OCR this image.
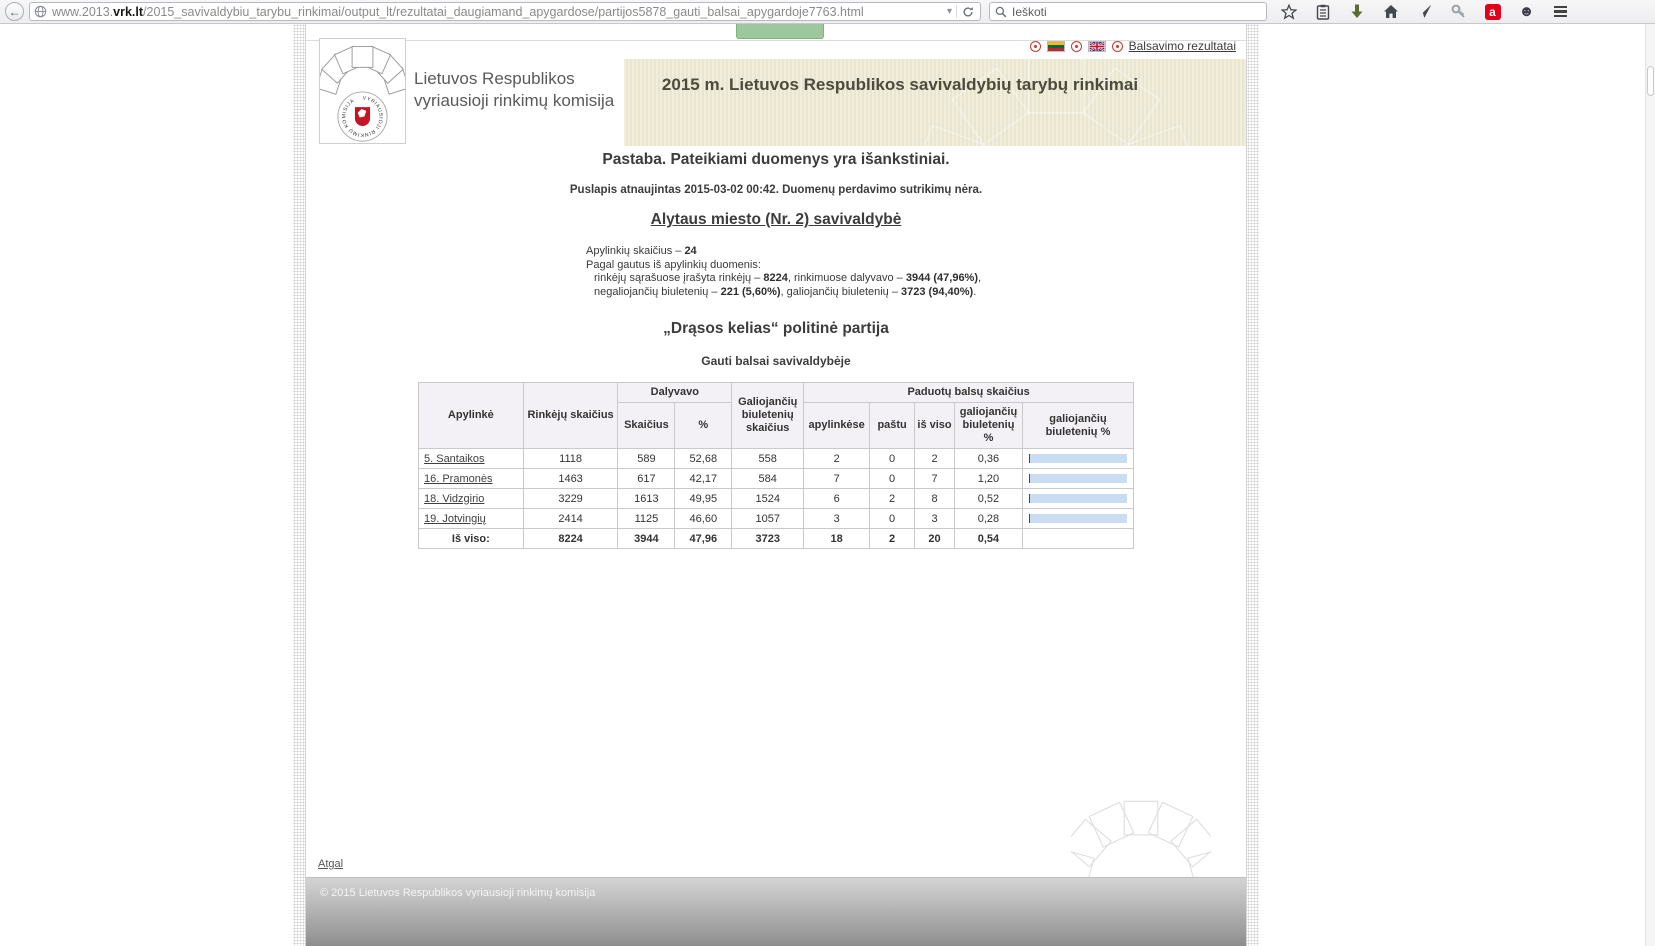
←	www.2013.vrk.lt/2015_savivaldybiu_tarybu_rinkimai/output_lt/rezultatai_daugiamand_apygardose/partijos5878_gauti_balsai_apygardoje7763.html	▾
Ieškoti	a	☻
VYRIAUSIOJI RINKIMŲ KOMISIJA
Lietuvos Respublikos
vyriausioji rinkimų komisija
Balsavimo rezultatai
2015 m. Lietuvos Respublikos savivaldybių tarybų rinkimai
Pastaba. Pateikiami duomenys yra išankstiniai.
Puslapis atnaujintas 2015-03-02 00:42. Duomenų perdavimo sutrikimų nėra.
Alytaus miesto (Nr. 2) savivaldybė
Apylinkių skaičius – 24
Pagal gautus iš apylinkių duomenis:
rinkėjų sąrašuose įrašyta rinkėjų – 8224, rinkimuose dalyvavo – 3944 (47,96%),
negaliojančių biuletenių – 221 (5,60%), galiojančių biuletenių – 3723 (94,40%).
„Drąsos kelias“ politinė partija
Gauti balsai savivaldybėje
Apylinkė	Rinkėjų skaičius	Dalyvavo		Galiojančių biuletenių skaičius	Paduotų balsų skaičius				
		Skaičius	%		apylinkėse	paštu	iš viso	galiojančių biuletenių %	galiojančių biuletenių %
5. Santaikos	1118	589	52,68	558	2	0	2	0,36	

16. Pramonės	1463	617	42,17	584	7	0	7	1,20	

18. Vidzgirio	3229	1613	49,95	1524	6	2	8	0,52	

19. Jotvingių	2414	1125	46,60	1057	3	0	3	0,28	

Iš viso:	8224	3944	47,96	3723	18	2	20	0,54	
Atgal
© 2015 Lietuvos Respublikos vyriausioji rinkimų komisija
